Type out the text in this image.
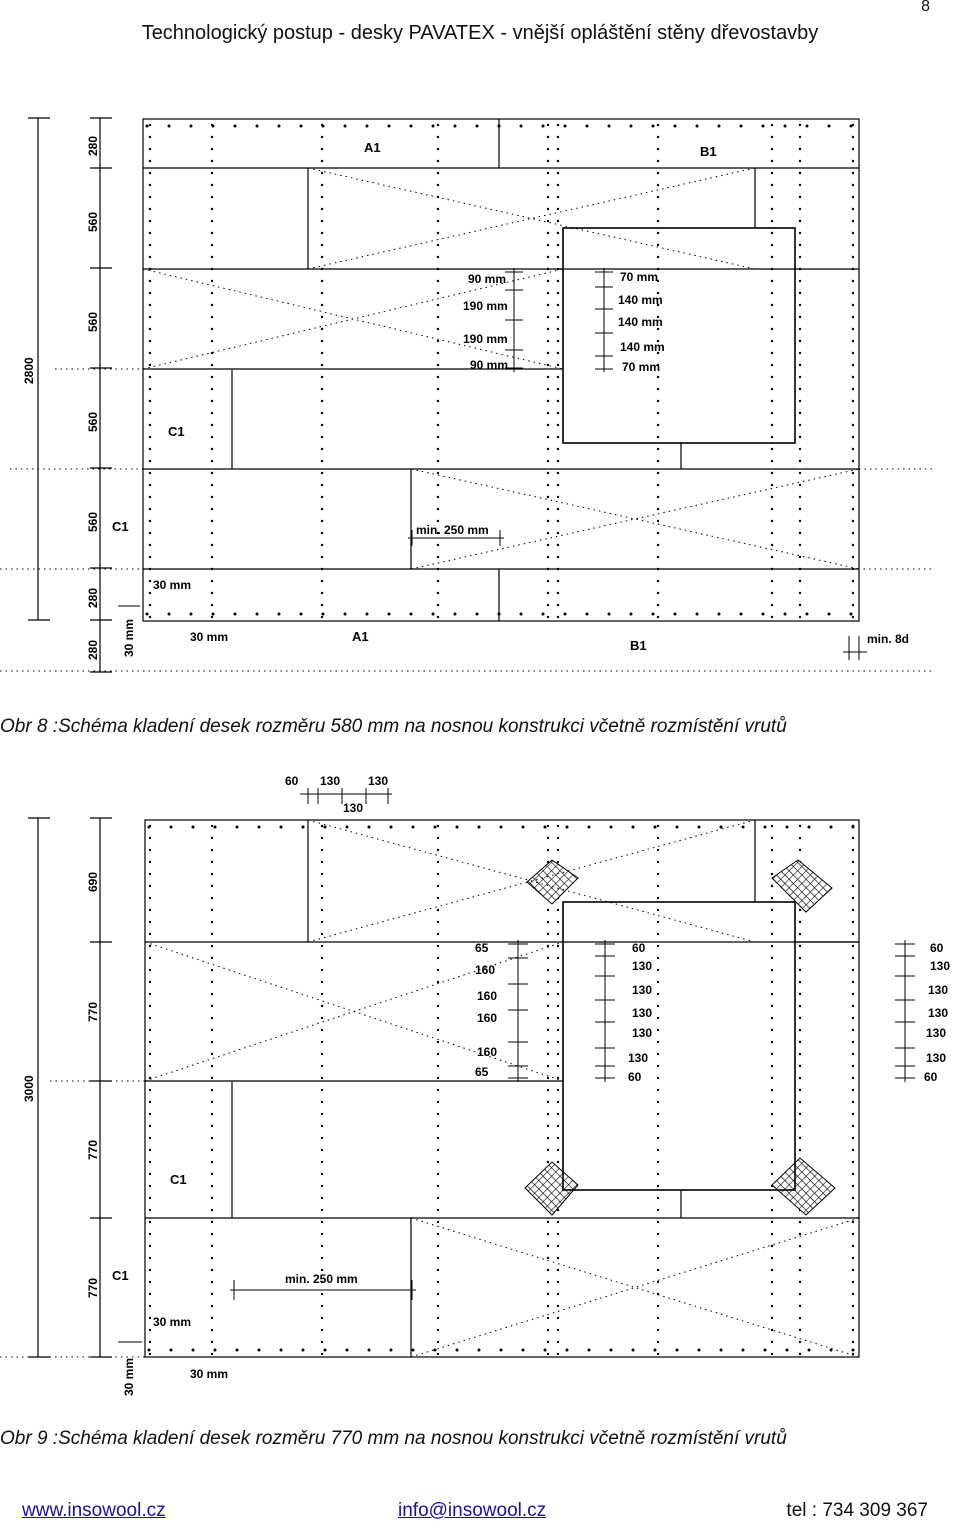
8
Technologický postup - desky PAVATEX - vnější opláštění stěny dřevostavby
2800
280
560
560
560
560
280
280
A1	B1
C1
C1
A1
B1
90 mm
190 mm
190 mm
90 mm
70 mm
140 mm
140 mm
140 mm
70 mm
min. 250 mm
30 mm
30 mm	30 mm	min. 8d
Obr 8 :Schéma kladení desek rozměru 580 mm na nosnou konstrukci včetně rozmístění vrutů
3000
690
770
770
770
60 130
130
130
65
160
160
160
160
65
60
130
130
130
130
130
60
60
130
130
130
130
130
60
C1
C1	min. 250 mm
30 mm
30 mm	30 mm
Obr 9 :Schéma kladení desek rozměru 770 mm na nosnou konstrukci včetně rozmístění vrutů
www.insowool.cz	info@insowool.cz	tel : 734 309 367
